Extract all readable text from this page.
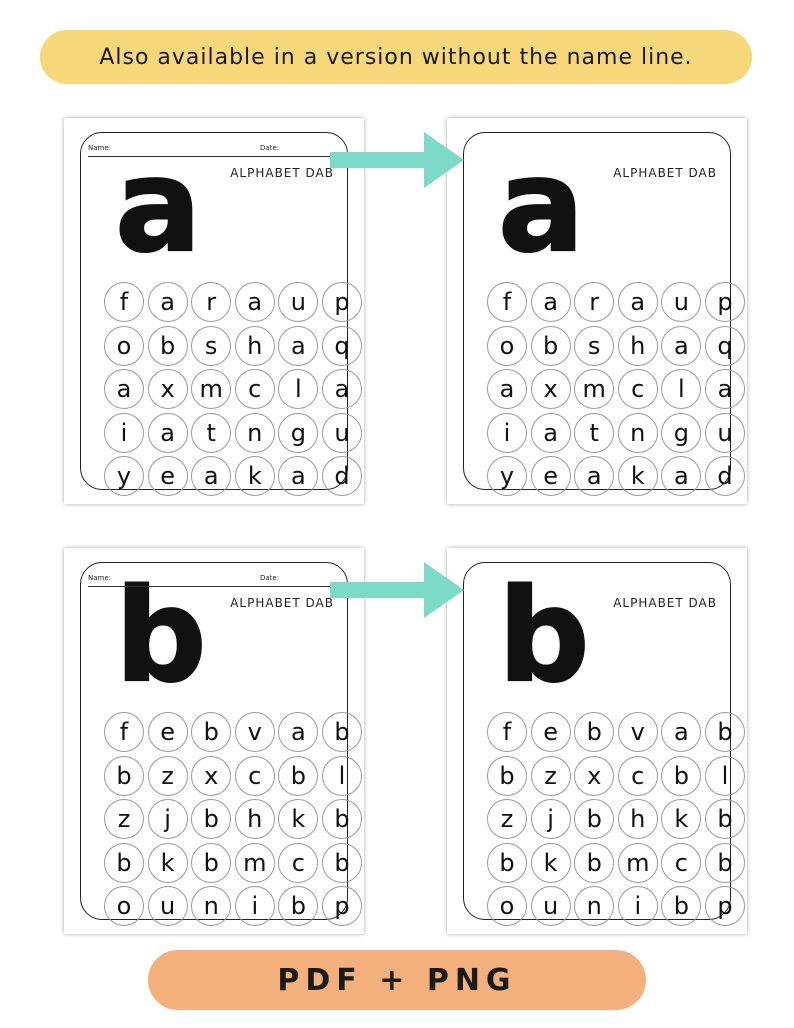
Also available in a version without the name line.
a
f	a	r	a	u	p
o	b	s	h	a	q
a	x	m	c	l	a
i	a	t	n	g	u
y	e	a	k	a	d
Name:	Date:
ALPHABET DAB a
f	a	r	a	u	p
o	b	s	h	a	q
a	x	m	c	l	a
i	a	t	n	g	u
y	e	a	k	a	d
ALPHABET DAB
b
f	e	b	v	a	b
b	z	x	c	b	l
z	j	b	h	k	b
b	k	b	m	c	b
o	u	n	i	b	p
Name:	Date:
ALPHABET DAB b
f	e	b	v	a	b
b	z	x	c	b	l
z	j	b	h	k	b
b	k	b	m	c	b
o	u	n	i	b	p
ALPHABET DAB
PDF + PNG
